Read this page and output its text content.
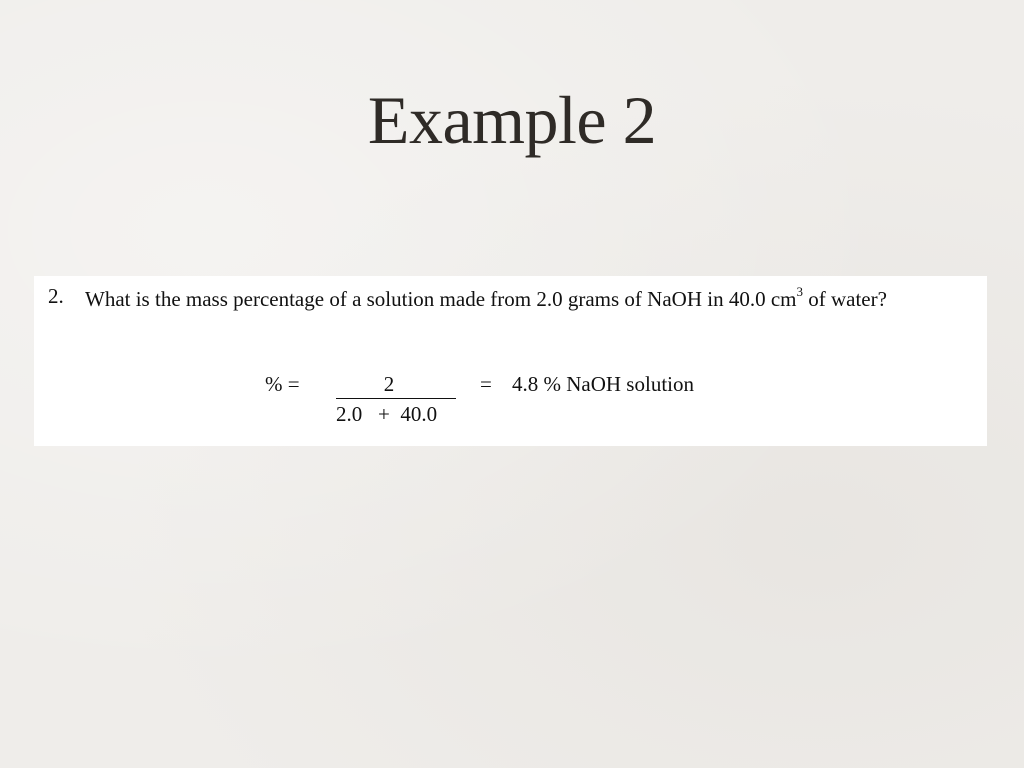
Example 2
2. What is the mass percentage of a solution made from 2.0 grams of NaOH in 40.0 $cm^3$ of water?
% =	2
2.0   +  40.0
= 4.8 % NaOH solution
